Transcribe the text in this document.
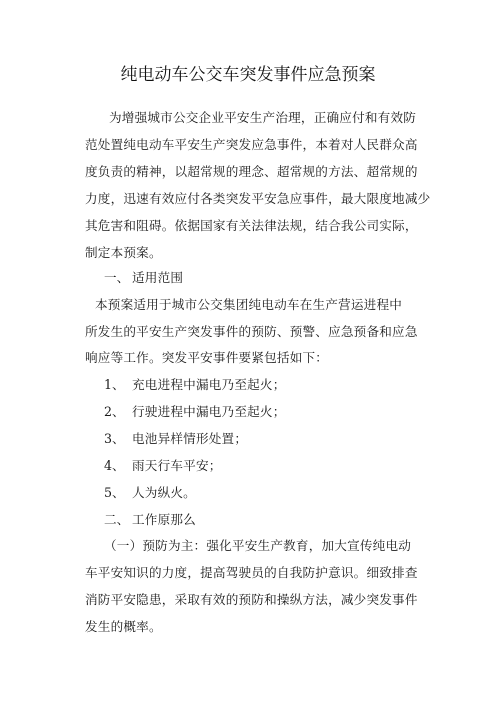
纯电动车公交车突发事件应急预案
为增强城市公交企业平安生产治理，正确应付和有效防
范处置纯电动车平安生产突发应急事件，本着对人民群众高
度负责的精神，以超常规的理念、超常规的方法、超常规的
力度，迅速有效应付各类突发平安急应事件，最大限度地减少
其危害和阻碍。依据国家有关法律法规，结合我公司实际，
制定本预案。
一、 适用范围
本预案适用于城市公交集团纯电动车在生产营运进程中
所发生的平安生产突发事件的预防、预警、应急预备和应急
响应等工作。突发平安事件要紧包括如下：
1、 充电进程中漏电乃至起火；
2、 行驶进程中漏电乃至起火；
3、 电池异样情形处置；
4、 雨天行车平安；
5、 人为纵火。
二、 工作原那么
（一）预防为主：强化平安生产教育，加大宣传纯电动
车平安知识的力度，提高驾驶员的自我防护意识。细致排查
消防平安隐患，采取有效的预防和操纵方法，减少突发事件
发生的概率。
